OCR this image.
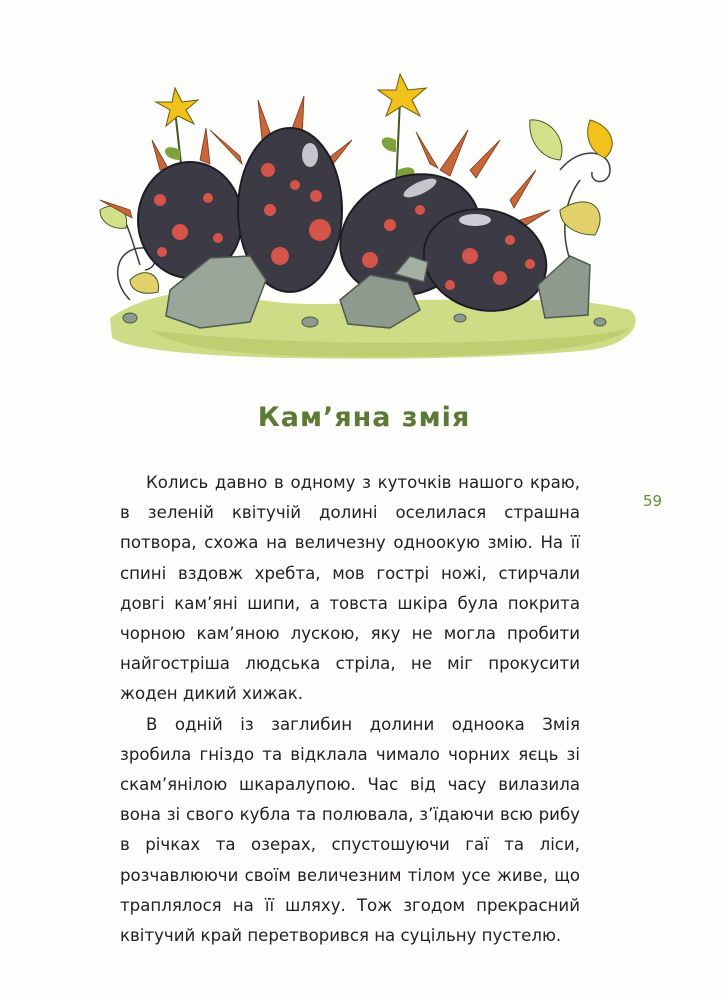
Кам’яна змія
59

Колись давно в одному з куточків нашого краю, в зеленій квітучій долині оселилася страшна потвора, схожа на величезну одноокую змію. На її спині вздовж хребта, мов гострі ножі, стирчали довгі кам’яні шипи, а товста шкіра була покрита чорною кам’яною лускою, яку не могла пробити найгостріша людська стріла, не міг прокусити жоден дикий хижак.

В одній із заглибин долини одноока Змія зробила гніздо та відклала чимало чорних яєць зі скам’янілою шкаралупою. Час від часу вилазила вона зі свого кубла та полювала, з’їдаючи всю рибу в річках та озерах, спустошуючи гаї та ліси, розчавлюючи своїм величезним тілом усе живе, що траплялося на її шляху. Тож згодом прекрасний квітучий край перетворився на суцільну пустелю.
